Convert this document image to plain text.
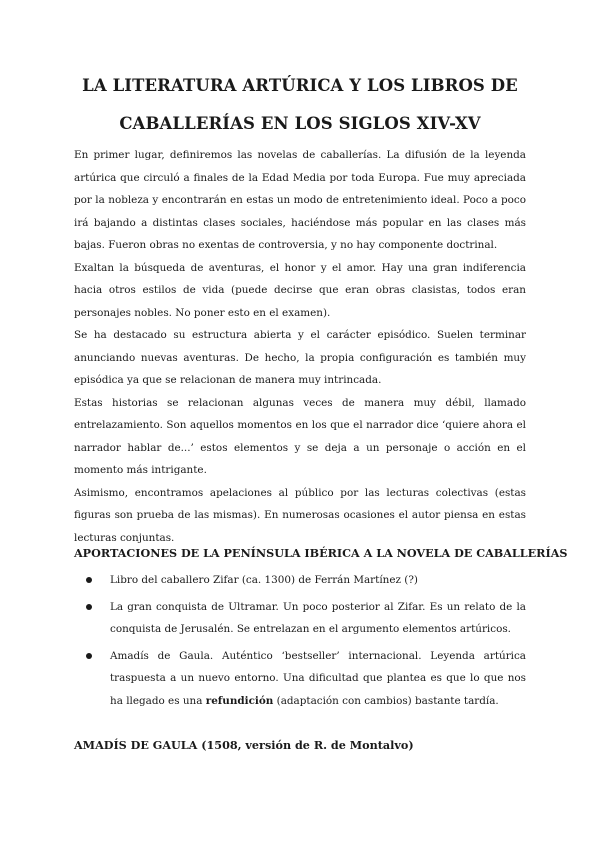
LA LITERATURA ARTÚRICA Y LOS LIBROS DE
CABALLERÍAS EN LOS SIGLOS XIV-XV

En primer lugar, definiremos las novelas de caballerías. La difusión de la leyenda artúrica que circuló a finales de la Edad Media por toda Europa. Fue muy apreciada por la nobleza y encontrarán en estas un modo de entretenimiento ideal. Poco a poco irá bajando a distintas clases sociales, haciéndose más popular en las clases más bajas. Fueron obras no exentas de controversia, y no hay componente doctrinal.

Exaltan la búsqueda de aventuras, el honor y el amor. Hay una gran indiferencia hacia otros estilos de vida (puede decirse que eran obras clasistas, todos eran personajes nobles. No poner esto en el examen).

Se ha destacado su estructura abierta y el carácter episódico. Suelen terminar anunciando nuevas aventuras. De hecho, la propia configuración es también muy episódica ya que se relacionan de manera muy intrincada.

Estas historias se relacionan algunas veces de manera muy débil, llamado entrelazamiento. Son aquellos momentos en los que el narrador dice ‘quiere ahora el narrador hablar de...’ estos elementos y se deja a un personaje o acción en el momento más intrigante.

Asimismo, encontramos apelaciones al público por las lecturas colectivas (estas figuras son prueba de las mismas). En numerosas ocasiones el autor piensa en estas lecturas conjuntas.

APORTACIONES DE LA PENÍNSULA IBÉRICA A LA NOVELA DE CABALLERÍAS
Libro del caballero Zifar (ca. 1300) de Ferrán Martínez (?)
La gran conquista de Ultramar. Un poco posterior al Zifar. Es un relato de la conquista de Jerusalén. Se entrelazan en el argumento elementos artúricos.
Amadís de Gaula. Auténtico ‘bestseller’ internacional. Leyenda artúrica traspuesta a un nuevo entorno. Una dificultad que plantea es que lo que nos ha llegado es una refundición (adaptación con cambios) bastante tardía.
AMADÍS DE GAULA (1508, versión de R. de Montalvo)
